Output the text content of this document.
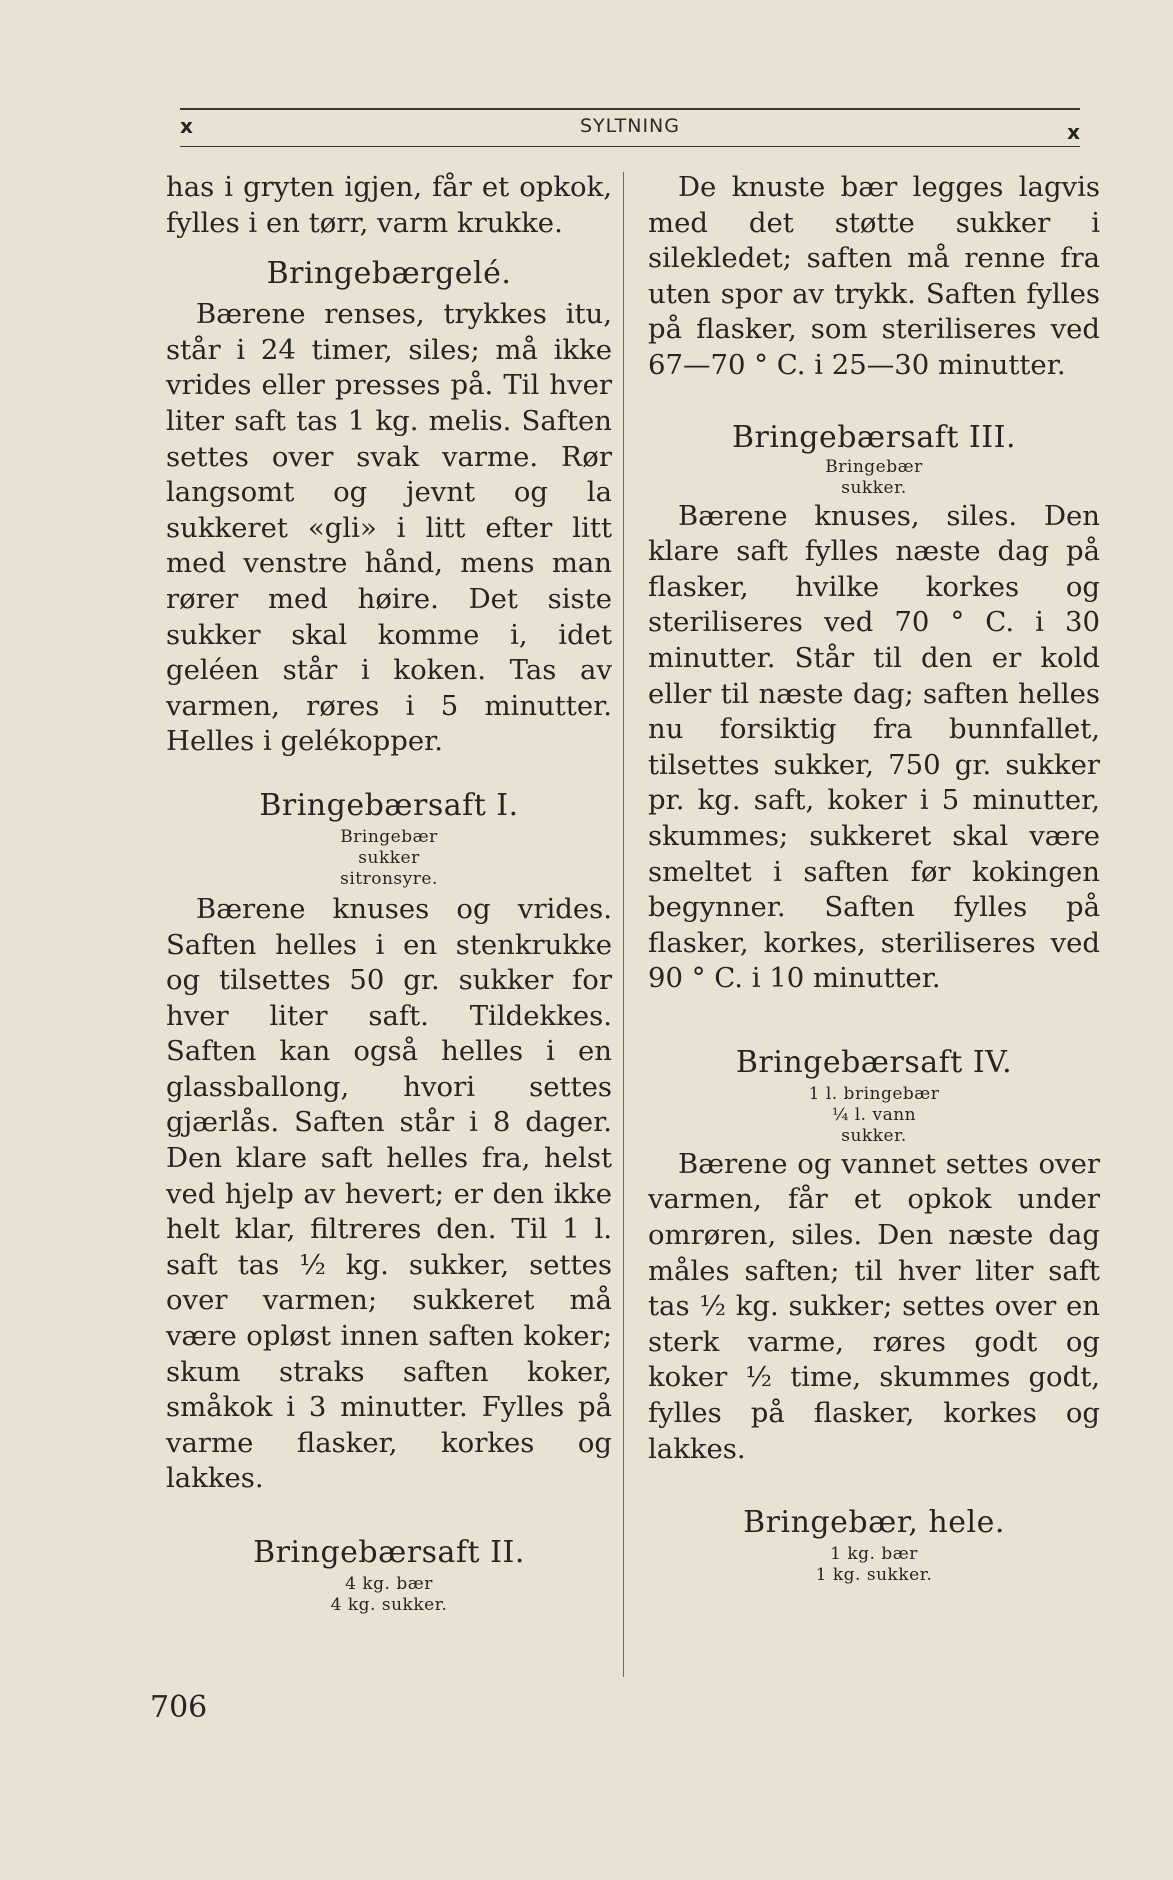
x	SYLTNING	x

has i gryten igjen, får et opkok, fylles i en tørr, varm krukke.

Bringebærgelé.

Bærene renses, trykkes itu, står i 24 timer, siles; må ikke vrides eller presses på. Til hver liter saft tas 1 kg. melis. Saften settes over svak varme. Rør langsomt og jevnt og la sukkeret «gli» i litt efter litt med venstre hånd, mens man rører med høire. Det siste sukker skal komme i, idet geléen står i koken. Tas av varmen, røres i 5 minutter. Helles i gelékopper.

Bringebærsaft I.

Bringebær

sukker

sitronsyre.

Bærene knuses og vrides. Saften helles i en stenkrukke og tilsettes 50 gr. sukker for hver liter saft. Tildekkes. Saften kan også helles i en glassballong, hvori settes gjærlås. Saften står i 8 dager. Den klare saft helles fra, helst ved hjelp av hevert; er den ikke helt klar, filtreres den. Til 1 l. saft tas ½ kg. sukker, settes over varmen; sukkeret må være opløst innen saften koker; skum straks saften koker, småkok i 3 minutter. Fylles på varme flasker, korkes og lakkes.

Bringebærsaft II.

4 kg. bær

4 kg. sukker.

De knuste bær legges lagvis med det støtte sukker i silekledet; saften må renne fra uten spor av trykk. Saften fylles på flasker, som steriliseres ved 67—70 ° C. i 25—30 minutter.

Bringebærsaft III.

Bringebær

sukker.

Bærene knuses, siles. Den klare saft fylles næste dag på flasker, hvilke korkes og steriliseres ved 70 ° C. i 30 minutter. Står til den er kold eller til næste dag; saften helles nu forsiktig fra bunnfallet, tilsettes sukker, 750 gr. sukker pr. kg. saft, koker i 5 minutter, skummes; sukkeret skal være smeltet i saften før kokingen begynner. Saften fylles på flasker, korkes, steriliseres ved 90 ° C. i 10 minutter.

Bringebærsaft IV.

1 l. bringebær

¼ l. vann

sukker.

Bærene og vannet settes over varmen, får et opkok under omrøren, siles. Den næste dag måles saften; til hver liter saft tas ½ kg. sukker; settes over en sterk varme, røres godt og koker ½ time, skummes godt, fylles på flasker, korkes og lakkes.

Bringebær, hele.

1 kg. bær

1 kg. sukker.

706
